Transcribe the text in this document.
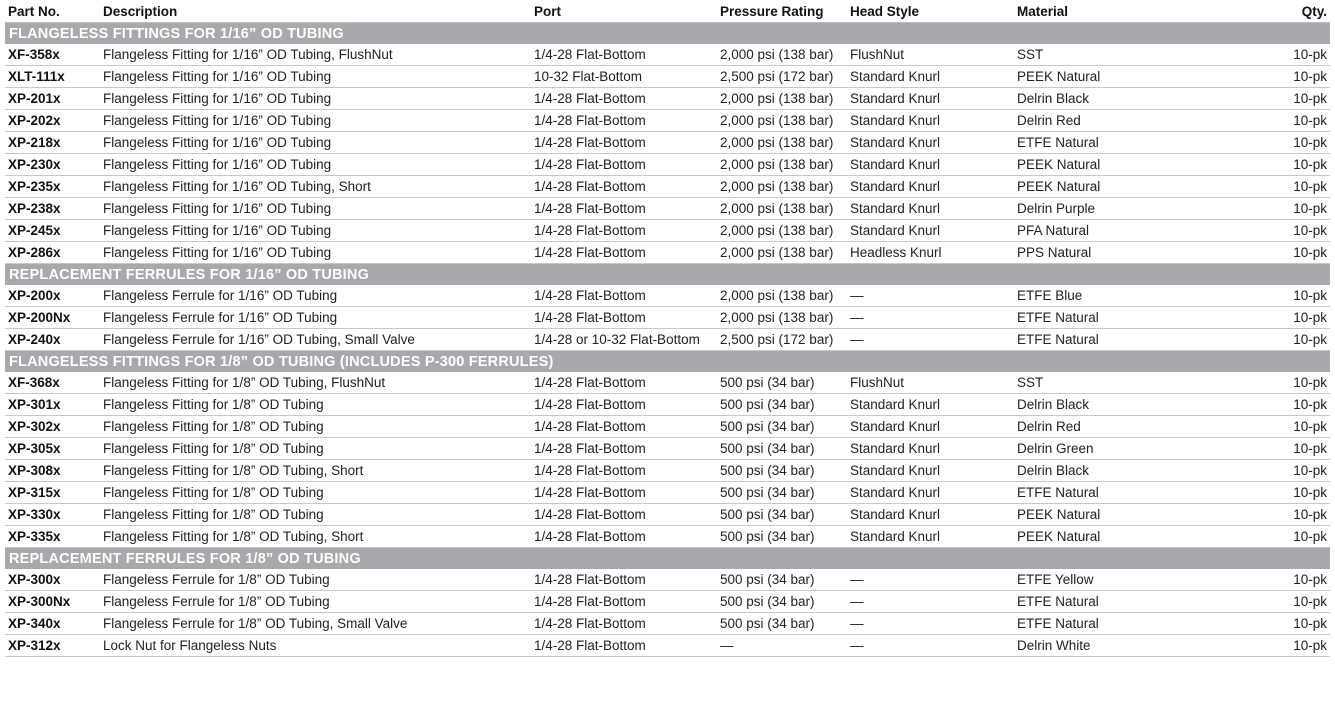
Part No.	Description	Port	Pressure Rating	Head Style	Material	Qty.
FLANGELESS FITTINGS FOR 1/16” OD TUBING						
XF-358x	Flangeless Fitting for 1/16” OD Tubing, FlushNut	1/4-28 Flat-Bottom	2,000 psi (138 bar)	FlushNut	SST	10-pk
XLT-111x	Flangeless Fitting for 1/16” OD Tubing	10-32 Flat-Bottom	2,500 psi (172 bar)	Standard Knurl	PEEK Natural	10-pk
XP-201x	Flangeless Fitting for 1/16” OD Tubing	1/4-28 Flat-Bottom	2,000 psi (138 bar)	Standard Knurl	Delrin Black	10-pk
XP-202x	Flangeless Fitting for 1/16” OD Tubing	1/4-28 Flat-Bottom	2,000 psi (138 bar)	Standard Knurl	Delrin Red	10-pk
XP-218x	Flangeless Fitting for 1/16” OD Tubing	1/4-28 Flat-Bottom	2,000 psi (138 bar)	Standard Knurl	ETFE Natural	10-pk
XP-230x	Flangeless Fitting for 1/16” OD Tubing	1/4-28 Flat-Bottom	2,000 psi (138 bar)	Standard Knurl	PEEK Natural	10-pk
XP-235x	Flangeless Fitting for 1/16” OD Tubing, Short	1/4-28 Flat-Bottom	2,000 psi (138 bar)	Standard Knurl	PEEK Natural	10-pk
XP-238x	Flangeless Fitting for 1/16” OD Tubing	1/4-28 Flat-Bottom	2,000 psi (138 bar)	Standard Knurl	Delrin Purple	10-pk
XP-245x	Flangeless Fitting for 1/16” OD Tubing	1/4-28 Flat-Bottom	2,000 psi (138 bar)	Standard Knurl	PFA Natural	10-pk
XP-286x	Flangeless Fitting for 1/16” OD Tubing	1/4-28 Flat-Bottom	2,000 psi (138 bar)	Headless Knurl	PPS Natural	10-pk
REPLACEMENT FERRULES FOR 1/16” OD TUBING						
XP-200x	Flangeless Ferrule for 1/16” OD Tubing	1/4-28 Flat-Bottom	2,000 psi (138 bar)	—	ETFE Blue	10-pk
XP-200Nx	Flangeless Ferrule for 1/16” OD Tubing	1/4-28 Flat-Bottom	2,000 psi (138 bar)	—	ETFE Natural	10-pk
XP-240x	Flangeless Ferrule for 1/16” OD Tubing, Small Valve	1/4-28 or 10-32 Flat-Bottom	2,500 psi (172 bar)	—	ETFE Natural	10-pk
FLANGELESS FITTINGS FOR 1/8” OD TUBING (INCLUDES P-300 FERRULES)						
XF-368x	Flangeless Fitting for 1/8” OD Tubing, FlushNut	1/4-28 Flat-Bottom	500 psi (34 bar)	FlushNut	SST	10-pk
XP-301x	Flangeless Fitting for 1/8” OD Tubing	1/4-28 Flat-Bottom	500 psi (34 bar)	Standard Knurl	Delrin Black	10-pk
XP-302x	Flangeless Fitting for 1/8” OD Tubing	1/4-28 Flat-Bottom	500 psi (34 bar)	Standard Knurl	Delrin Red	10-pk
XP-305x	Flangeless Fitting for 1/8” OD Tubing	1/4-28 Flat-Bottom	500 psi (34 bar)	Standard Knurl	Delrin Green	10-pk
XP-308x	Flangeless Fitting for 1/8” OD Tubing, Short	1/4-28 Flat-Bottom	500 psi (34 bar)	Standard Knurl	Delrin Black	10-pk
XP-315x	Flangeless Fitting for 1/8” OD Tubing	1/4-28 Flat-Bottom	500 psi (34 bar)	Standard Knurl	ETFE Natural	10-pk
XP-330x	Flangeless Fitting for 1/8” OD Tubing	1/4-28 Flat-Bottom	500 psi (34 bar)	Standard Knurl	PEEK Natural	10-pk
XP-335x	Flangeless Fitting for 1/8” OD Tubing, Short	1/4-28 Flat-Bottom	500 psi (34 bar)	Standard Knurl	PEEK Natural	10-pk
REPLACEMENT FERRULES FOR 1/8” OD TUBING						
XP-300x	Flangeless Ferrule for 1/8” OD Tubing	1/4-28 Flat-Bottom	500 psi (34 bar)	—	ETFE Yellow	10-pk
XP-300Nx	Flangeless Ferrule for 1/8” OD Tubing	1/4-28 Flat-Bottom	500 psi (34 bar)	—	ETFE Natural	10-pk
XP-340x	Flangeless Ferrule for 1/8” OD Tubing, Small Valve	1/4-28 Flat-Bottom	500 psi (34 bar)	—	ETFE Natural	10-pk
XP-312x	Lock Nut for Flangeless Nuts	1/4-28 Flat-Bottom	—	—	Delrin White	10-pk
